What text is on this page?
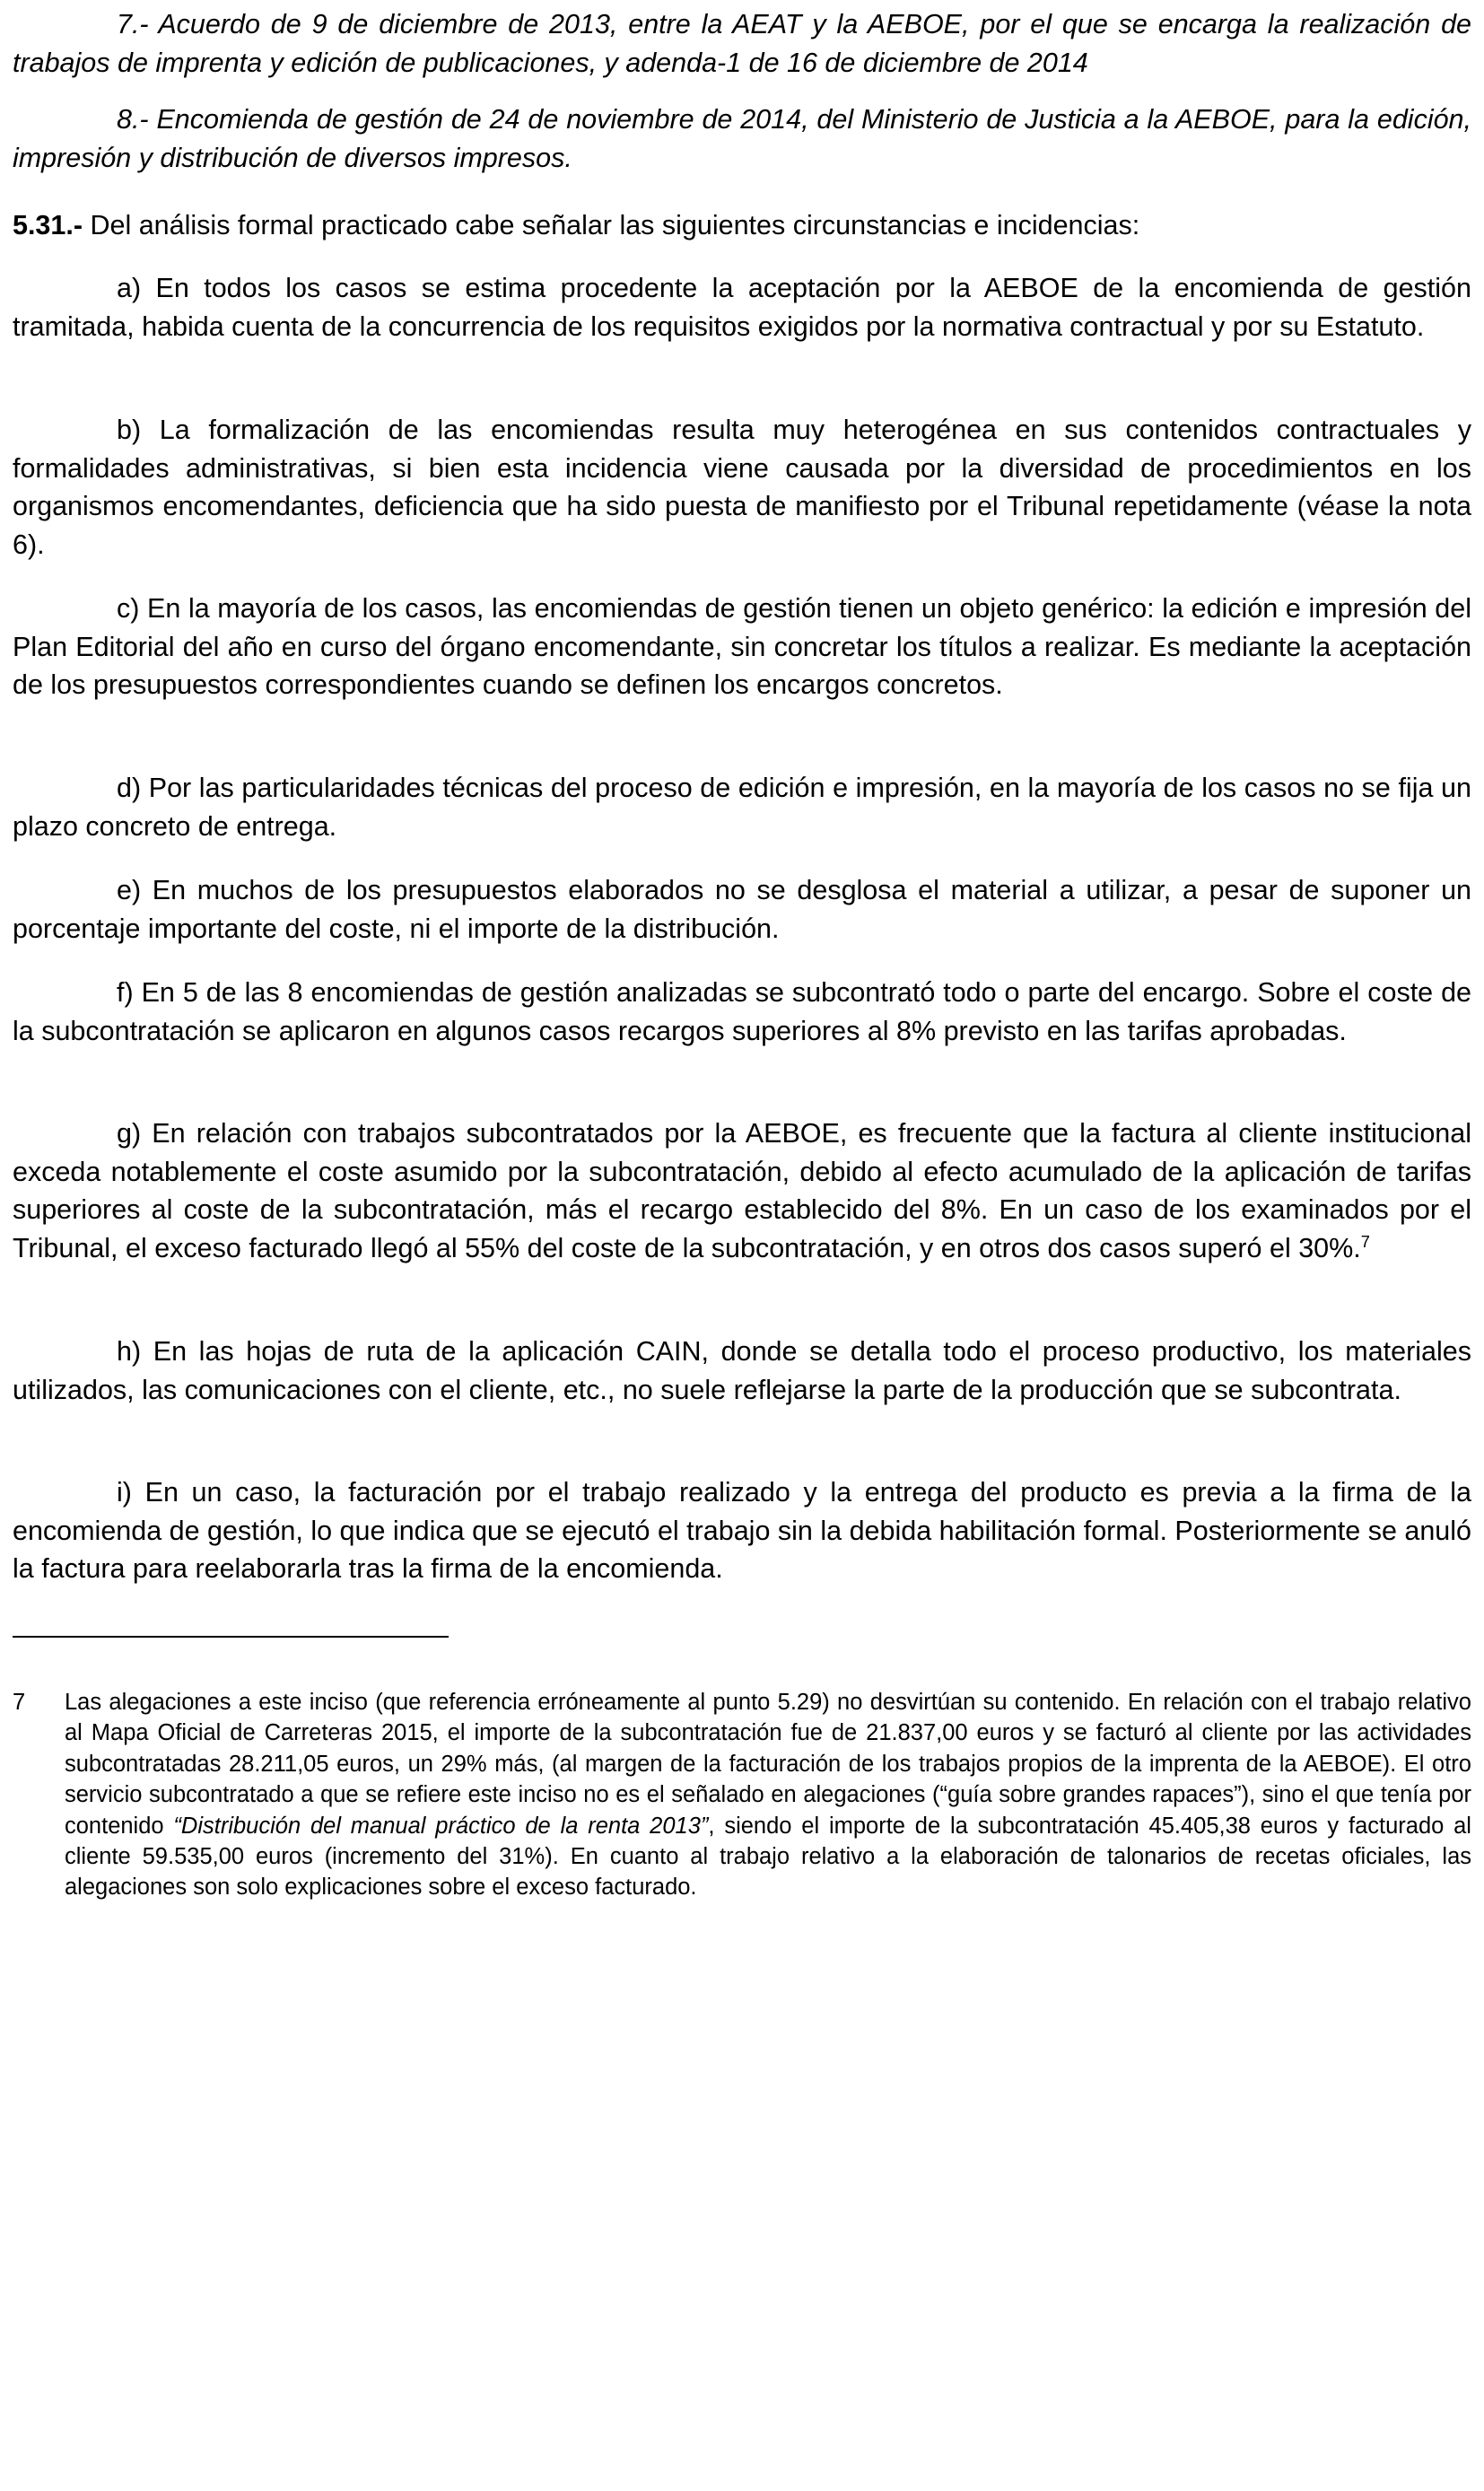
7.- Acuerdo de 9 de diciembre de 2013, entre la AEAT y la AEBOE, por el que se encarga la realización de trabajos de imprenta y edición de publicaciones, y adenda-1 de 16 de diciembre de 2014

8.- Encomienda de gestión de 24 de noviembre de 2014, del Ministerio de Justicia a la AEBOE, para la edición, impresión y distribución de diversos impresos.

5.31.- Del análisis formal practicado cabe señalar las siguientes circunstancias e incidencias:

a) En todos los casos se estima procedente la aceptación por la AEBOE de la encomienda de gestión tramitada, habida cuenta de la concurrencia de los requisitos exigidos por la normativa contractual y por su Estatuto.

b) La formalización de las encomiendas resulta muy heterogénea en sus contenidos contractuales y formalidades administrativas, si bien esta incidencia viene causada por la diversidad de procedimientos en los organismos encomendantes, deficiencia que ha sido puesta de manifiesto por el Tribunal repetidamente (véase la nota 6).

c) En la mayoría de los casos, las encomiendas de gestión tienen un objeto genérico: la edición e impresión del Plan Editorial del año en curso del órgano encomendante, sin concretar los títulos a realizar. Es mediante la aceptación de los presupuestos correspondientes cuando se definen los encargos concretos.

d) Por las particularidades técnicas del proceso de edición e impresión, en la mayoría de los casos no se fija un plazo concreto de entrega.

e) En muchos de los presupuestos elaborados no se desglosa el material a utilizar, a pesar de suponer un porcentaje importante del coste, ni el importe de la distribución.

f) En 5 de las 8 encomiendas de gestión analizadas se subcontrató todo o parte del encargo. Sobre el coste de la subcontratación se aplicaron en algunos casos recargos superiores al 8% previsto en las tarifas aprobadas.

g) En relación con trabajos subcontratados por la AEBOE, es frecuente que la factura al cliente institucional exceda notablemente el coste asumido por la subcontratación, debido al efecto acumulado de la aplicación de tarifas superiores al coste de la subcontratación, más el recargo establecido del 8%. En un caso de los examinados por el Tribunal, el exceso facturado llegó al 55% del coste de la subcontratación, y en otros dos casos superó el 30%.$^7$

h) En las hojas de ruta de la aplicación CAIN, donde se detalla todo el proceso productivo, los materiales utilizados, las comunicaciones con el cliente, etc., no suele reflejarse la parte de la producción que se subcontrata.

i) En un caso, la facturación por el trabajo realizado y la entrega del producto es previa a la firma de la encomienda de gestión, lo que indica que se ejecutó el trabajo sin la debida habilitación formal. Posteriormente se anuló la factura para reelaborarla tras la firma de la encomienda.

7 Las alegaciones a este inciso (que referencia erróneamente al punto 5.29) no desvirtúan su contenido. En relación con el trabajo relativo al Mapa Oficial de Carreteras 2015, el importe de la subcontratación fue de 21.837,00 euros y se facturó al cliente por las actividades subcontratadas 28.211,05 euros, un 29% más, (al margen de la facturación de los trabajos propios de la imprenta de la AEBOE). El otro servicio subcontratado a que se refiere este inciso no es el señalado en alegaciones (“guía sobre grandes rapaces”), sino el que tenía por contenido “Distribución del manual práctico de la renta 2013”, siendo el importe de la subcontratación 45.405,38 euros y facturado al cliente 59.535,00 euros (incremento del 31%). En cuanto al trabajo relativo a la elaboración de talonarios de recetas oficiales, las alegaciones son solo explicaciones sobre el exceso facturado.
